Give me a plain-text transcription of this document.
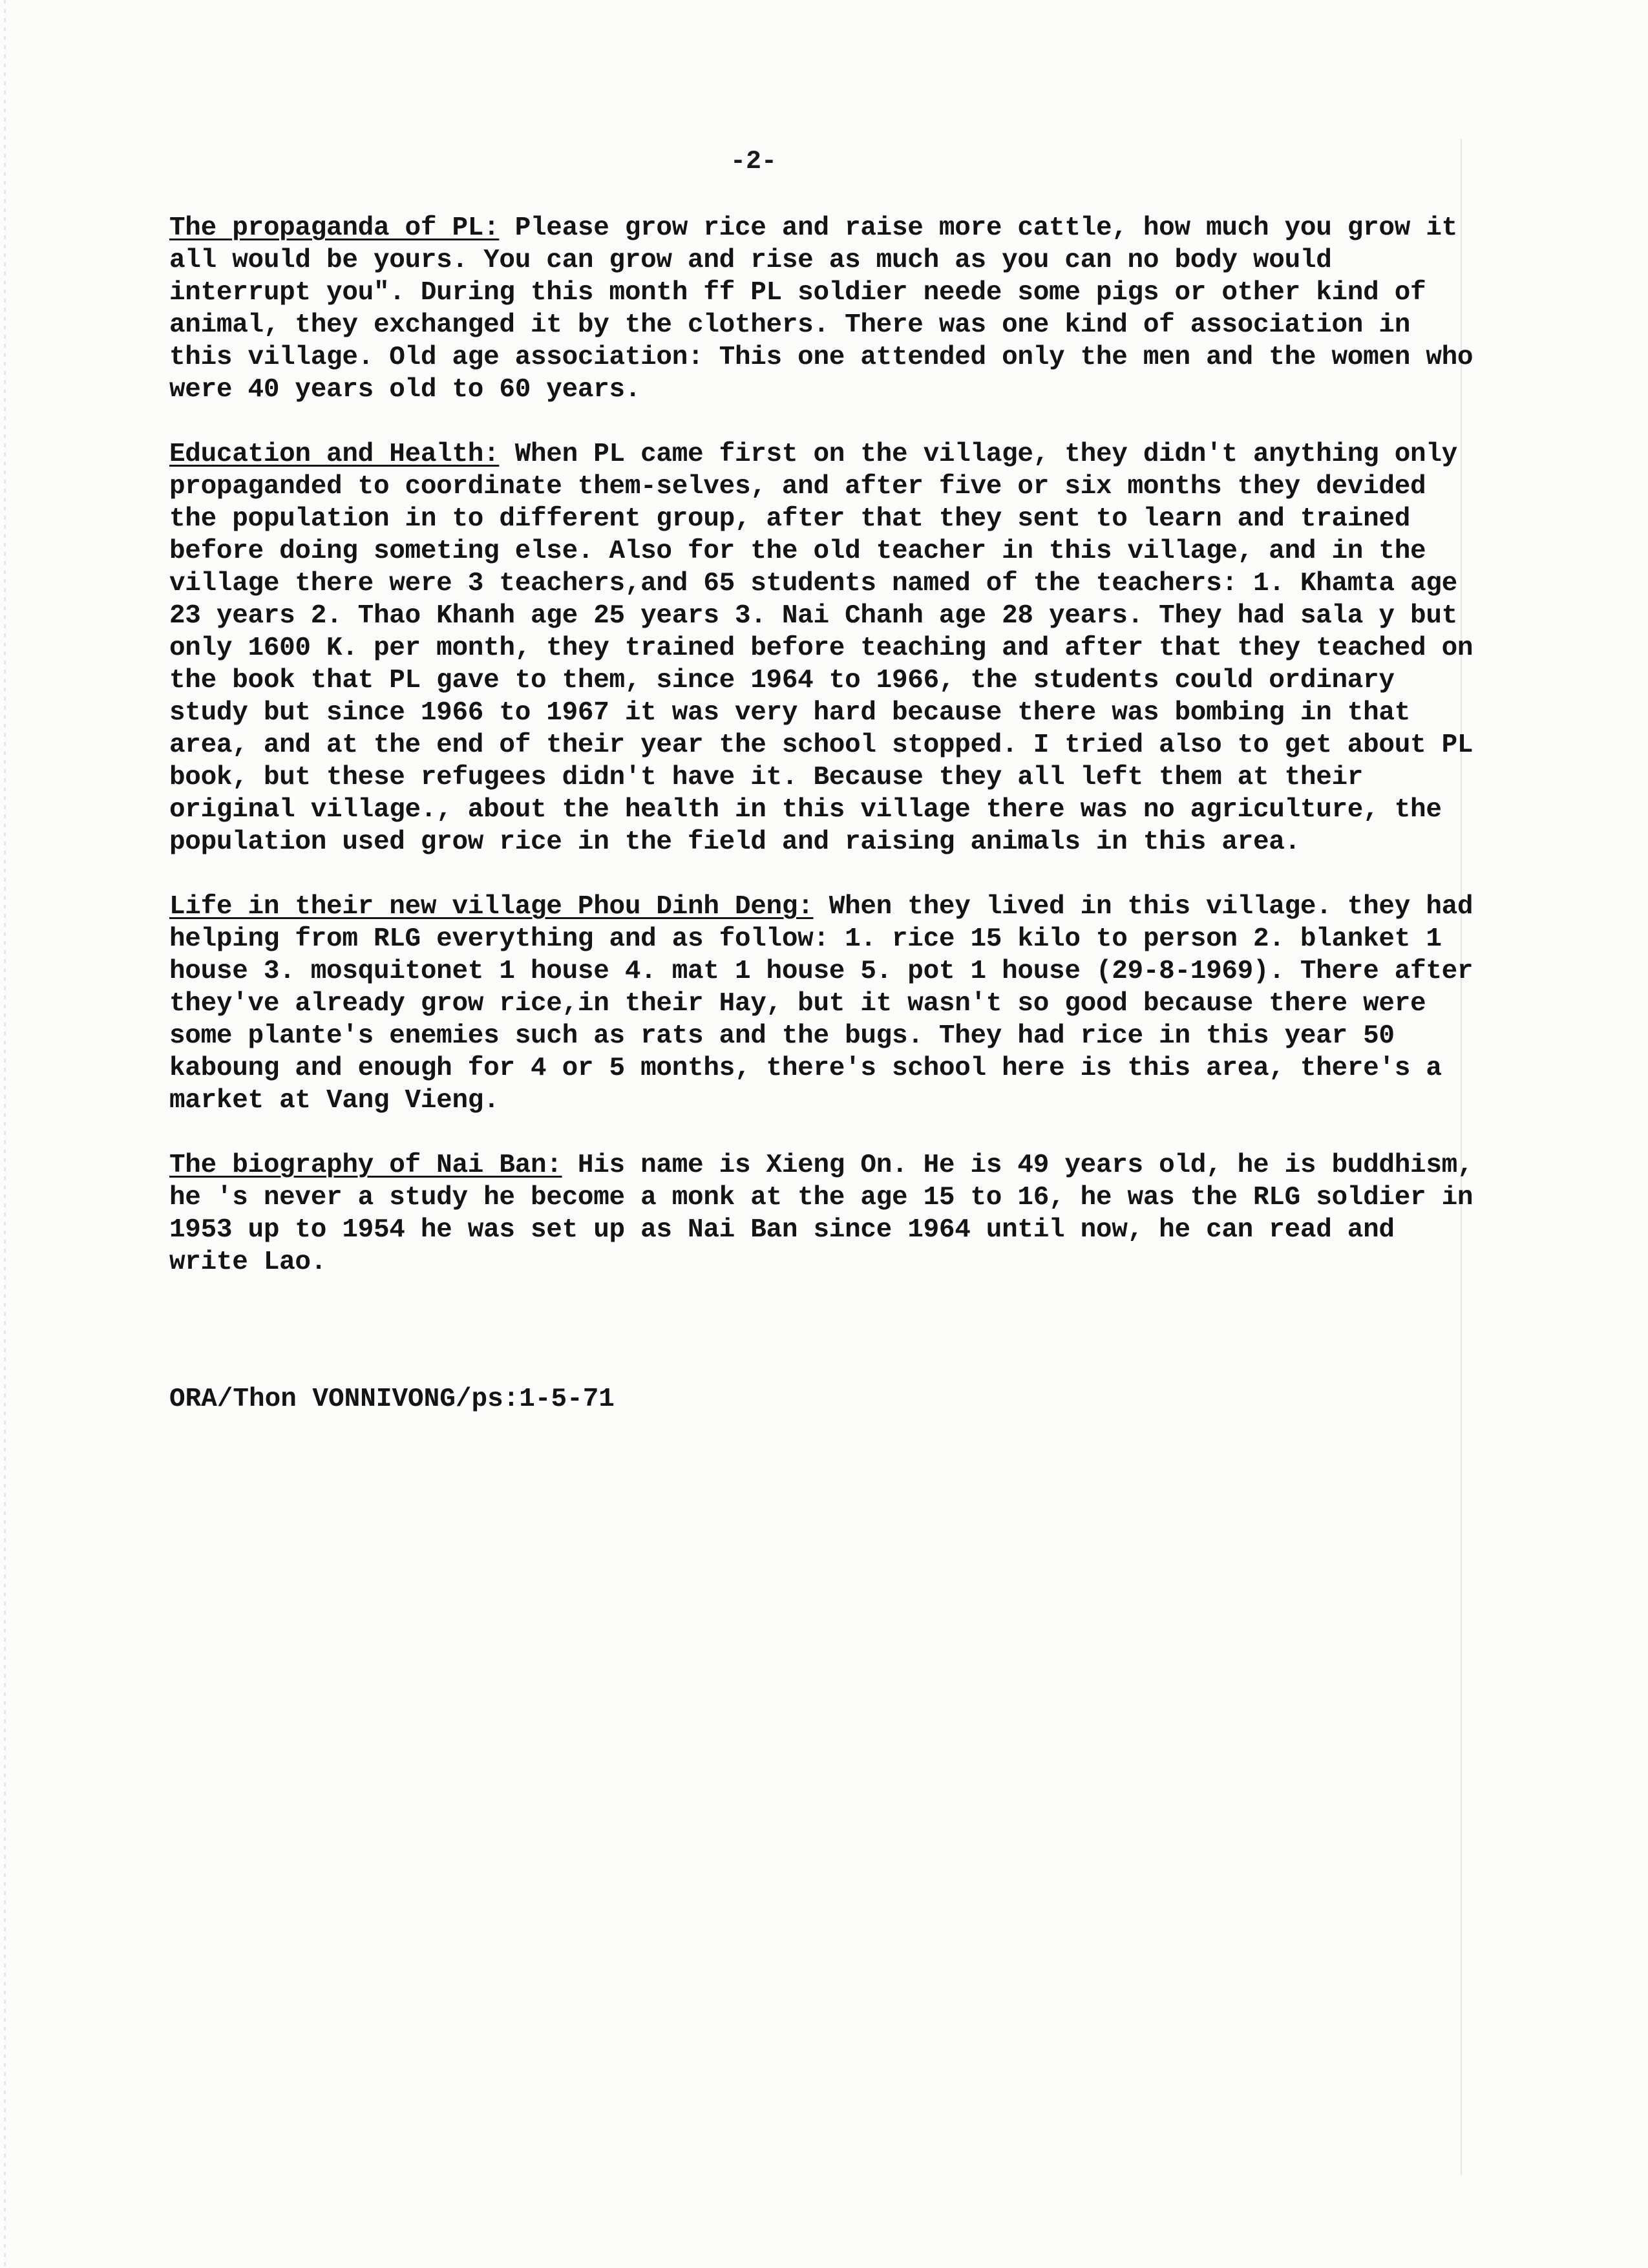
-2-

The propaganda of PL: Please grow rice and raise more cattle, how much you grow it all would be yours. You can grow and rise as much as you can no body would interrupt you". During this month ff PL soldier neede some pigs or other kind of animal, they exchanged it by the clothers. There was one kind of association in this village. Old age association: This one attended only the men and the women who were 40 years old to 60 years.

Education and Health: When PL came first on the village, they didn't anything only propaganded to coordinate them-selves, and after five or six months they devided the population in to different group, after that they sent to learn and trained before doing someting else. Also for the old teacher in this village, and in the village there were 3 teachers,and 65 students named of the teachers: 1. Khamta age 23 years 2. Thao Khanh age 25 years 3. Nai Chanh age 28 years. They had sala y but only 1600 K. per month, they trained before teaching and after that they teached on the book that PL gave to them, since 1964 to 1966, the students could ordinary study but since 1966 to 1967 it was very hard because there was bombing in that area, and at the end of their year the school stopped. I tried also to get about PL book, but these refugees didn't have it. Because they all left them at their original village., about the health in this village there was no agriculture, the population used grow rice in the field and raising animals in this area.

Life in their new village Phou Dinh Deng: When they lived in this village. they had helping from RLG everything and as follow: 1. rice 15 kilo to person 2. blanket 1 house 3. mosquitonet 1 house 4. mat 1 house 5. pot 1 house (29-8-1969). There after they've already grow rice,in their Hay, but it wasn't so good because there were some plante's enemies such as rats and the bugs. They had rice in this year 50 kaboung and enough for 4 or 5 months, there's school here is this area, there's a market at Vang Vieng.

The biography of Nai Ban: His name is Xieng On. He is 49 years old, he is buddhism, he 's never a study he become a monk at the age 15 to 16, he was the RLG soldier in 1953 up to 1954 he was set up as Nai Ban since 1964 until now, he can read and write Lao.

ORA/Thon VONNIVONG/ps:1-5-71
